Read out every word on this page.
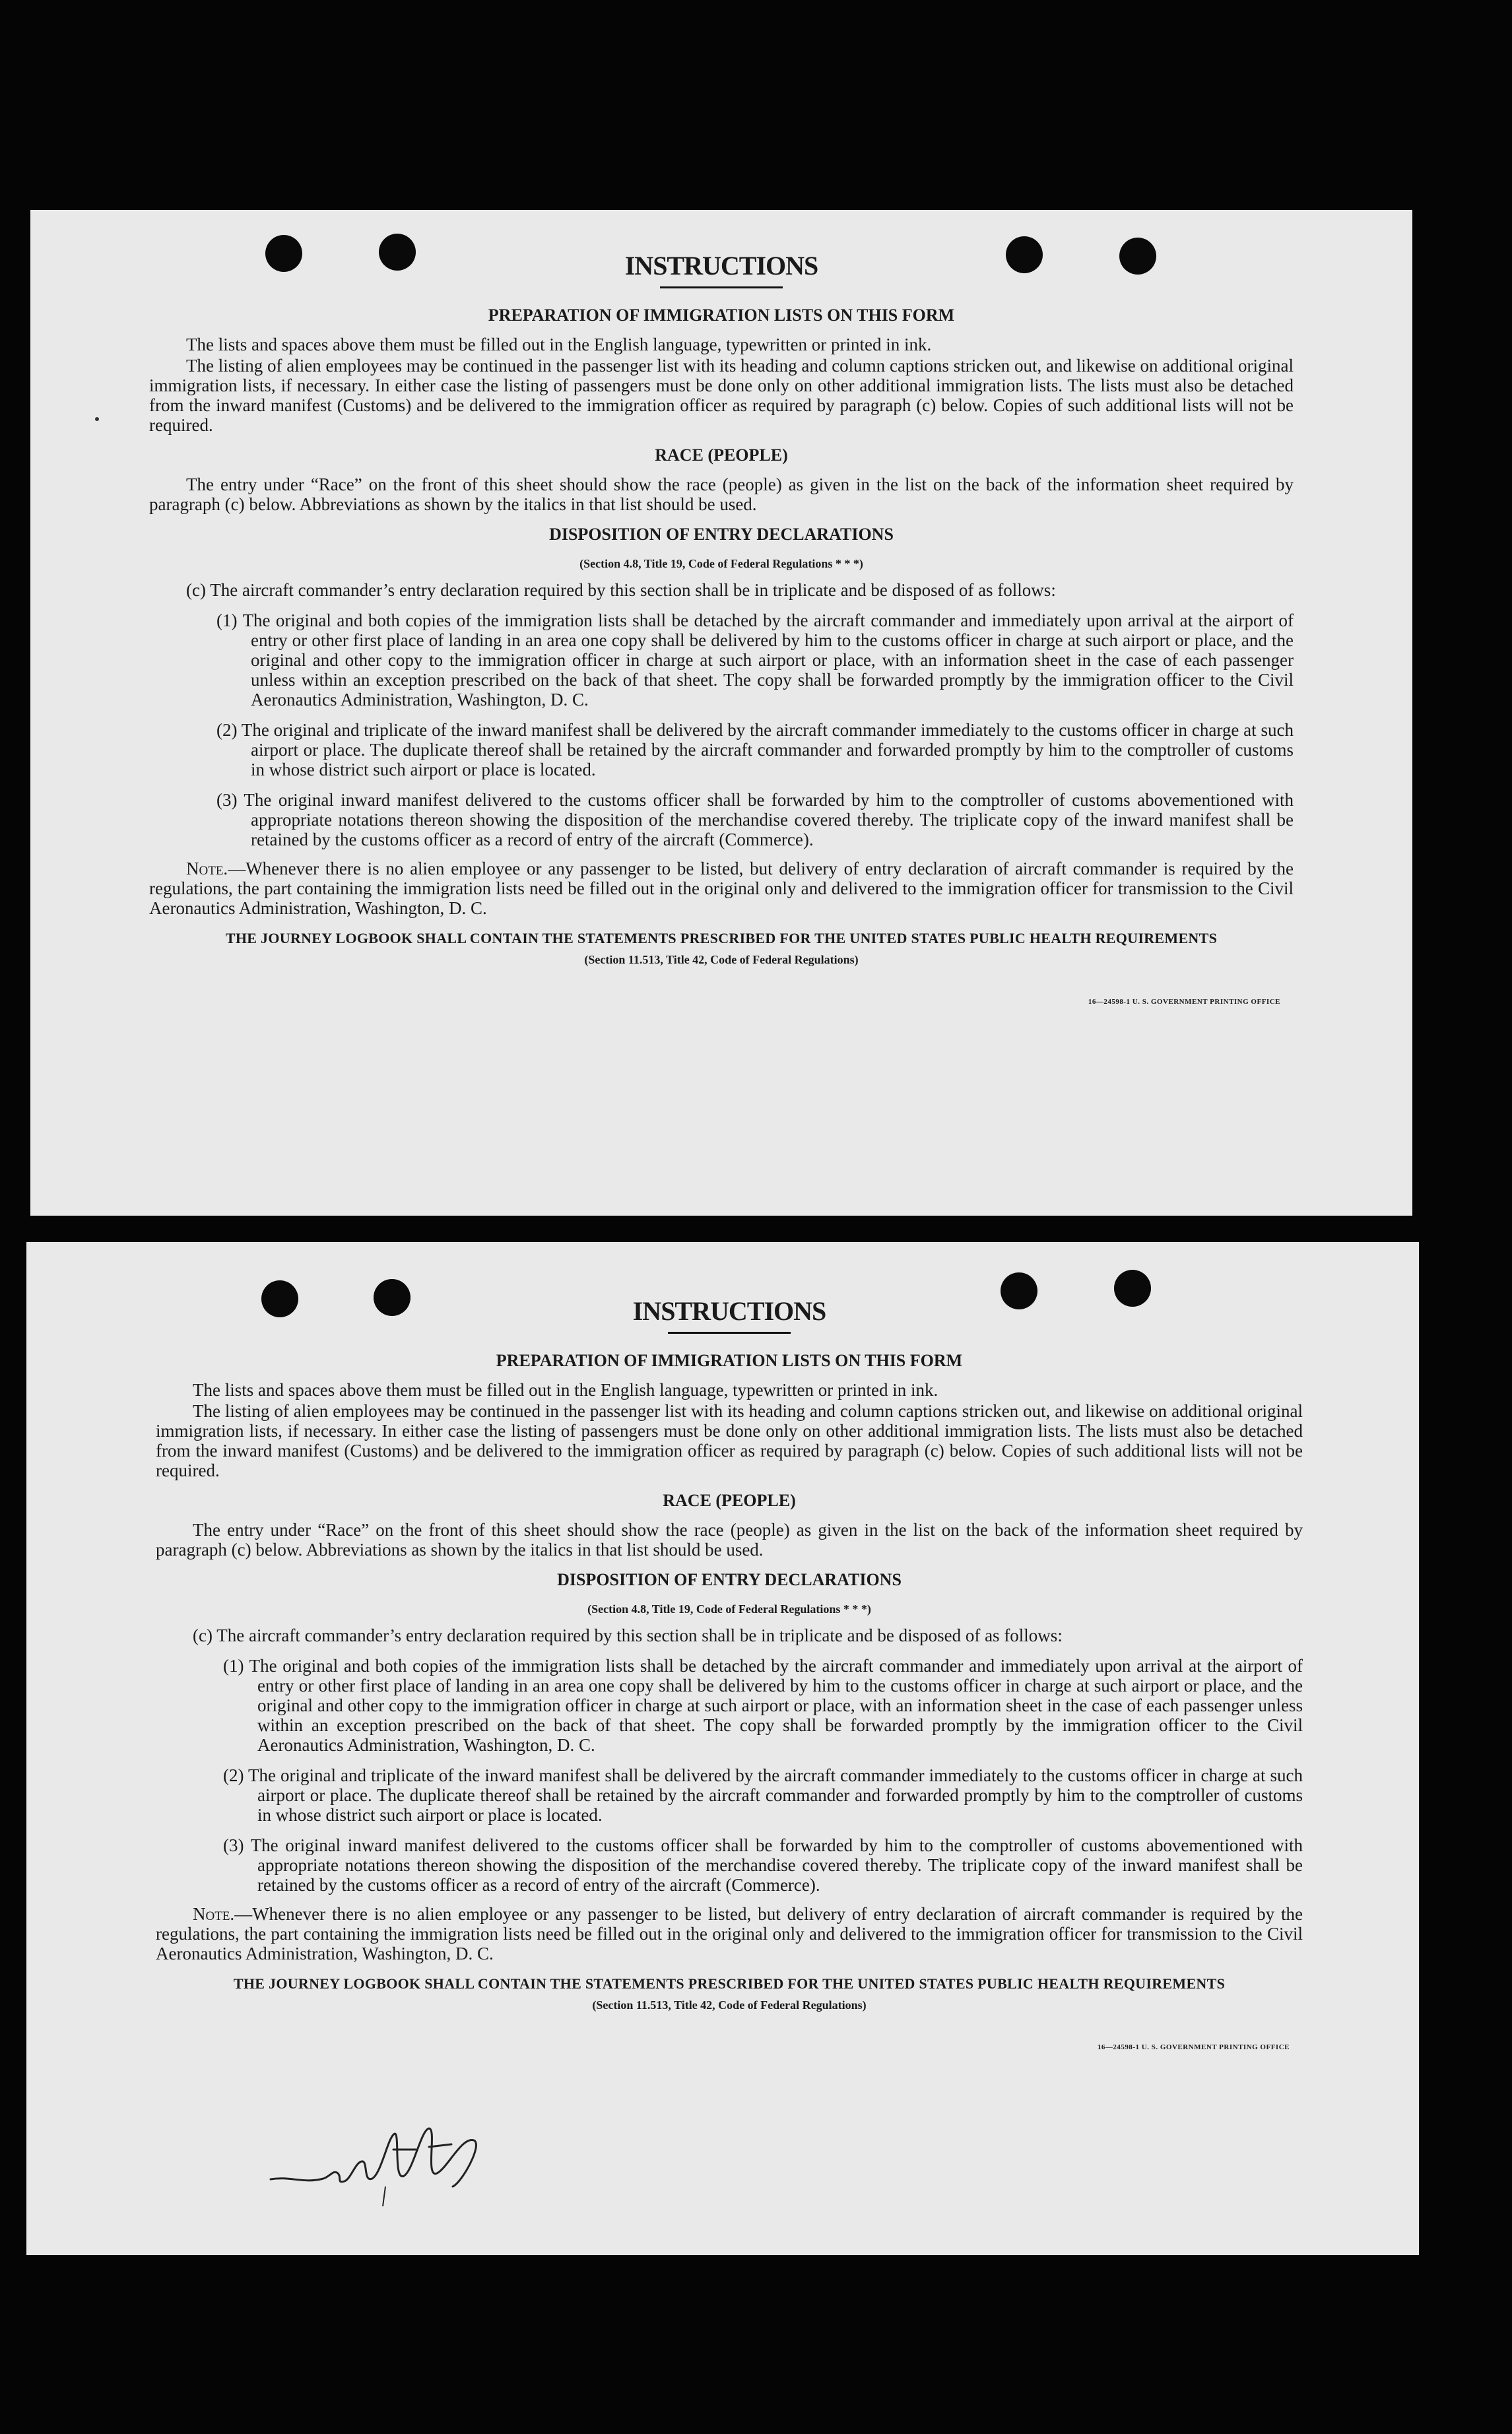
INSTRUCTIONS
PREPARATION OF IMMIGRATION LISTS ON THIS FORM

The lists and spaces above them must be filled out in the English language, typewritten or printed in ink.

The listing of alien employees may be continued in the passenger list with its heading and column captions stricken out, and likewise on additional original immigration lists, if necessary. In either case the listing of passengers must be done only on other additional immigration lists. The lists must also be detached from the inward manifest (Customs) and be delivered to the immigration officer as required by paragraph (c) below. Copies of such additional lists will not be required.

RACE (PEOPLE)

The entry under “Race” on the front of this sheet should show the race (people) as given in the list on the back of the information sheet required by paragraph (c) below. Abbreviations as shown by the italics in that list should be used.

DISPOSITION OF ENTRY DECLARATIONS
(Section 4.8, Title 19, Code of Federal Regulations * * *)

(c) The aircraft commander’s entry declaration required by this section shall be in triplicate and be disposed of as follows:

(1) The original and both copies of the immigration lists shall be detached by the aircraft commander and immediately upon arrival at the airport of entry or other first place of landing in an area one copy shall be delivered by him to the customs officer in charge at such airport or place, and the original and other copy to the immigration officer in charge at such airport or place, with an information sheet in the case of each passenger unless within an exception prescribed on the back of that sheet. The copy shall be forwarded promptly by the immigration officer to the Civil Aeronautics Administration, Washington, D. C.

(2) The original and triplicate of the inward manifest shall be delivered by the aircraft commander immediately to the customs officer in charge at such airport or place. The duplicate thereof shall be retained by the aircraft commander and forwarded promptly by him to the comptroller of customs in whose district such airport or place is located.

(3) The original inward manifest delivered to the customs officer shall be forwarded by him to the comptroller of customs abovementioned with appropriate notations thereon showing the disposition of the merchandise covered thereby. The triplicate copy of the inward manifest shall be retained by the customs officer as a record of entry of the aircraft (Commerce).

Note.—Whenever there is no alien employee or any passenger to be listed, but delivery of entry declaration of aircraft commander is required by the regulations, the part containing the immigration lists need be filled out in the original only and delivered to the immigration officer for transmission to the Civil Aeronautics Administration, Washington, D. C.

THE JOURNEY LOGBOOK SHALL CONTAIN THE STATEMENTS PRESCRIBED FOR THE UNITED STATES PUBLIC HEALTH REQUIREMENTS
(Section 11.513, Title 42, Code of Federal Regulations)
16—24598-1 U. S. GOVERNMENT PRINTING OFFICE
INSTRUCTIONS
PREPARATION OF IMMIGRATION LISTS ON THIS FORM

The lists and spaces above them must be filled out in the English language, typewritten or printed in ink.

The listing of alien employees may be continued in the passenger list with its heading and column captions stricken out, and likewise on additional original immigration lists, if necessary. In either case the listing of passengers must be done only on other additional immigration lists. The lists must also be detached from the inward manifest (Customs) and be delivered to the immigration officer as required by paragraph (c) below. Copies of such additional lists will not be required.

RACE (PEOPLE)

The entry under “Race” on the front of this sheet should show the race (people) as given in the list on the back of the information sheet required by paragraph (c) below. Abbreviations as shown by the italics in that list should be used.

DISPOSITION OF ENTRY DECLARATIONS
(Section 4.8, Title 19, Code of Federal Regulations * * *)

(c) The aircraft commander’s entry declaration required by this section shall be in triplicate and be disposed of as follows:

(1) The original and both copies of the immigration lists shall be detached by the aircraft commander and immediately upon arrival at the airport of entry or other first place of landing in an area one copy shall be delivered by him to the customs officer in charge at such airport or place, and the original and other copy to the immigration officer in charge at such airport or place, with an information sheet in the case of each passenger unless within an exception prescribed on the back of that sheet. The copy shall be forwarded promptly by the immigration officer to the Civil Aeronautics Administration, Washington, D. C.

(2) The original and triplicate of the inward manifest shall be delivered by the aircraft commander immediately to the customs officer in charge at such airport or place. The duplicate thereof shall be retained by the aircraft commander and forwarded promptly by him to the comptroller of customs in whose district such airport or place is located.

(3) The original inward manifest delivered to the customs officer shall be forwarded by him to the comptroller of customs abovementioned with appropriate notations thereon showing the disposition of the merchandise covered thereby. The triplicate copy of the inward manifest shall be retained by the customs officer as a record of entry of the aircraft (Commerce).

Note.—Whenever there is no alien employee or any passenger to be listed, but delivery of entry declaration of aircraft commander is required by the regulations, the part containing the immigration lists need be filled out in the original only and delivered to the immigration officer for transmission to the Civil Aeronautics Administration, Washington, D. C.

THE JOURNEY LOGBOOK SHALL CONTAIN THE STATEMENTS PRESCRIBED FOR THE UNITED STATES PUBLIC HEALTH REQUIREMENTS
(Section 11.513, Title 42, Code of Federal Regulations)
16—24598-1 U. S. GOVERNMENT PRINTING OFFICE
